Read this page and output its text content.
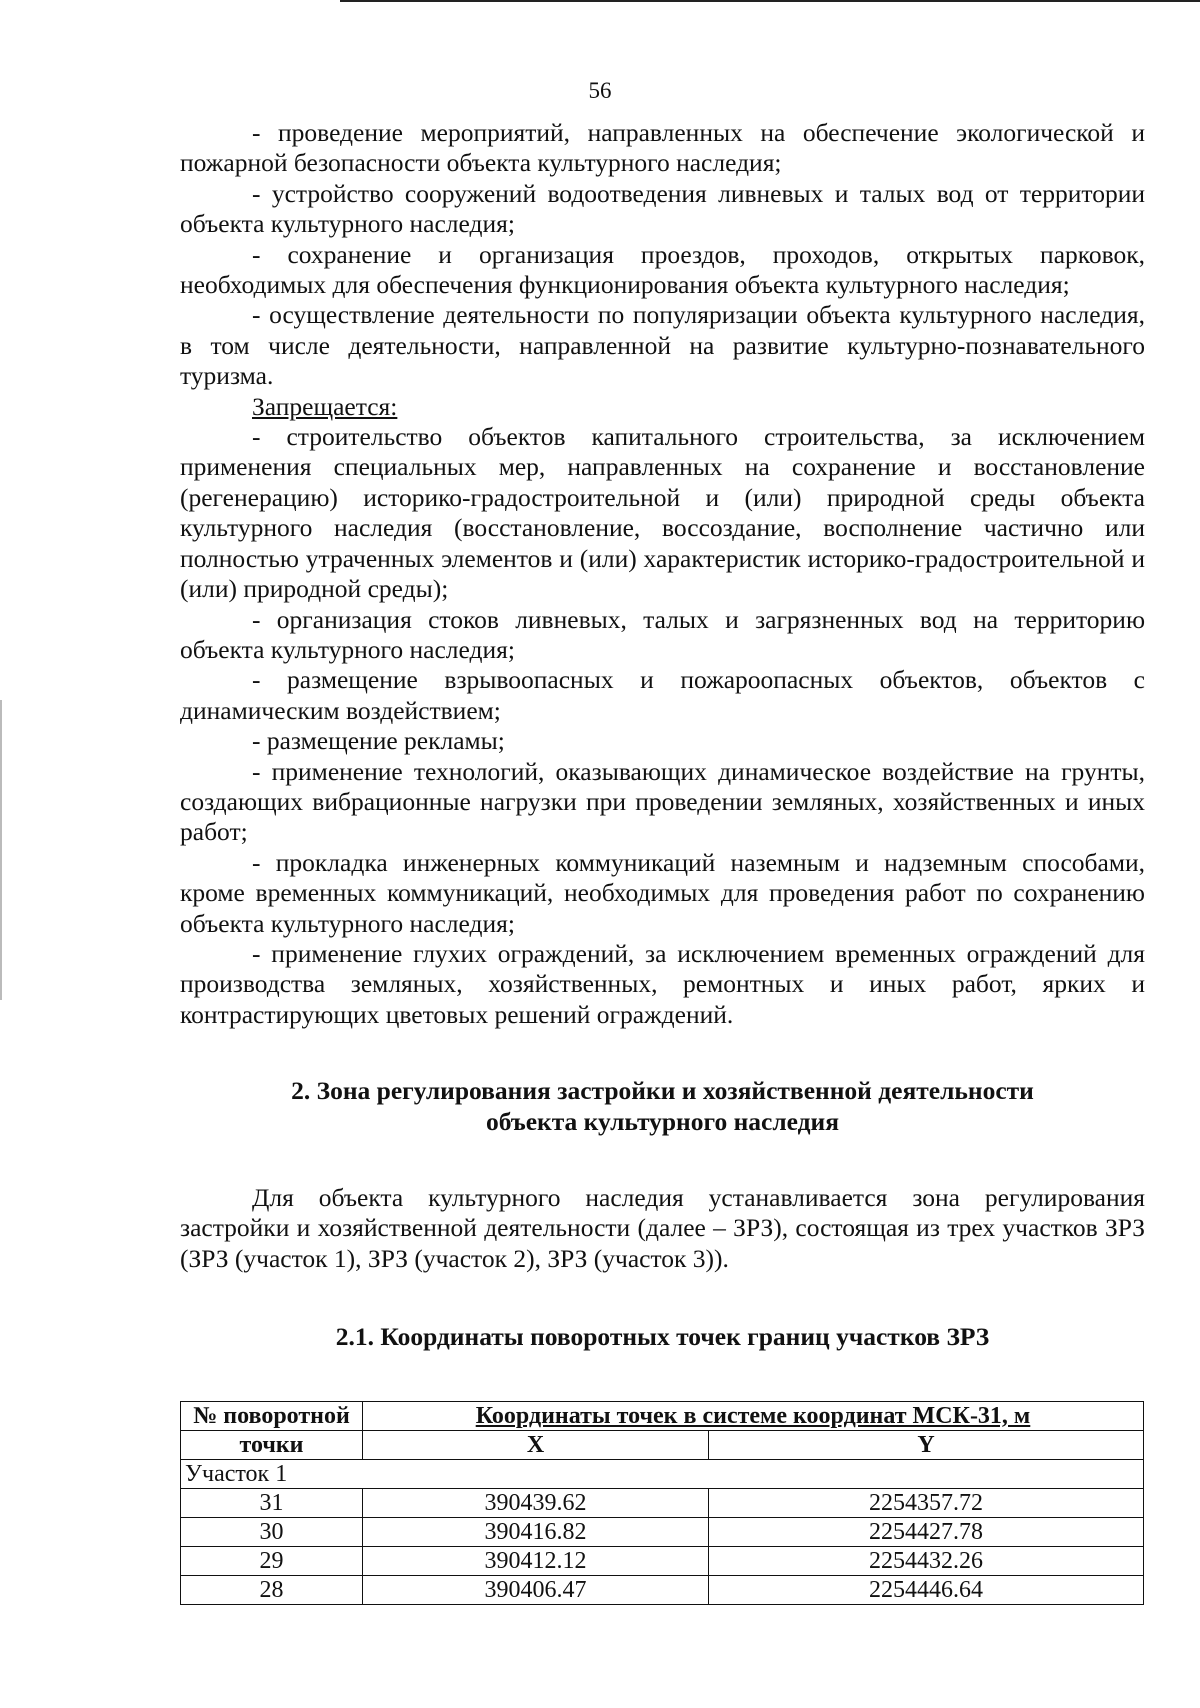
56

- проведение мероприятий, направленных на обеспечение экологической и пожарной безопасности объекта культурного наследия;

- устройство сооружений водоотведения ливневых и талых вод от территории объекта культурного наследия;

- сохранение и организация проездов, проходов, открытых парковок, необходимых для обеспечения функционирования объекта культурного наследия;

- осуществление деятельности по популяризации объекта культурного наследия, в том числе деятельности, направленной на развитие культурно-познавательного туризма.

Запрещается:

- строительство объектов капитального строительства, за исключением применения специальных мер, направленных на сохранение и восстановление (регенерацию) историко-градостроительной и (или) природной среды объекта культурного наследия (восстановление, воссоздание, восполнение частично или полностью утраченных элементов и (или) характеристик историко-градостроительной и (или) природной среды);

- организация стоков ливневых, талых и загрязненных вод на территорию объекта культурного наследия;

- размещение взрывоопасных и пожароопасных объектов, объектов с динамическим воздействием;

- размещение рекламы;

- применение технологий, оказывающих динамическое воздействие на грунты, создающих вибрационные нагрузки при проведении земляных, хозяйственных и иных работ;

- прокладка инженерных коммуникаций наземным и надземным способами, кроме временных коммуникаций, необходимых для проведения работ по сохранению объекта культурного наследия;

- применение глухих ограждений, за исключением временных ограждений для производства земляных, хозяйственных, ремонтных и иных работ, ярких и контрастирующих цветовых решений ограждений.

2. Зона регулирования застройки и хозяйственной деятельности
объекта культурного наследия

Для объекта культурного наследия устанавливается зона регулирования застройки и хозяйственной деятельности (далее – ЗРЗ), состоящая из трех участков ЗРЗ (ЗРЗ (участок 1), ЗРЗ (участок 2), ЗРЗ (участок 3)).

2.1. Координаты поворотных точек границ участков ЗРЗ
№ поворотной	Координаты точек в системе координат МСК-31, м	
точки	X	Y
Участок 1		
31	390439.62	2254357.72
30	390416.82	2254427.78
29	390412.12	2254432.26
28	390406.47	2254446.64
